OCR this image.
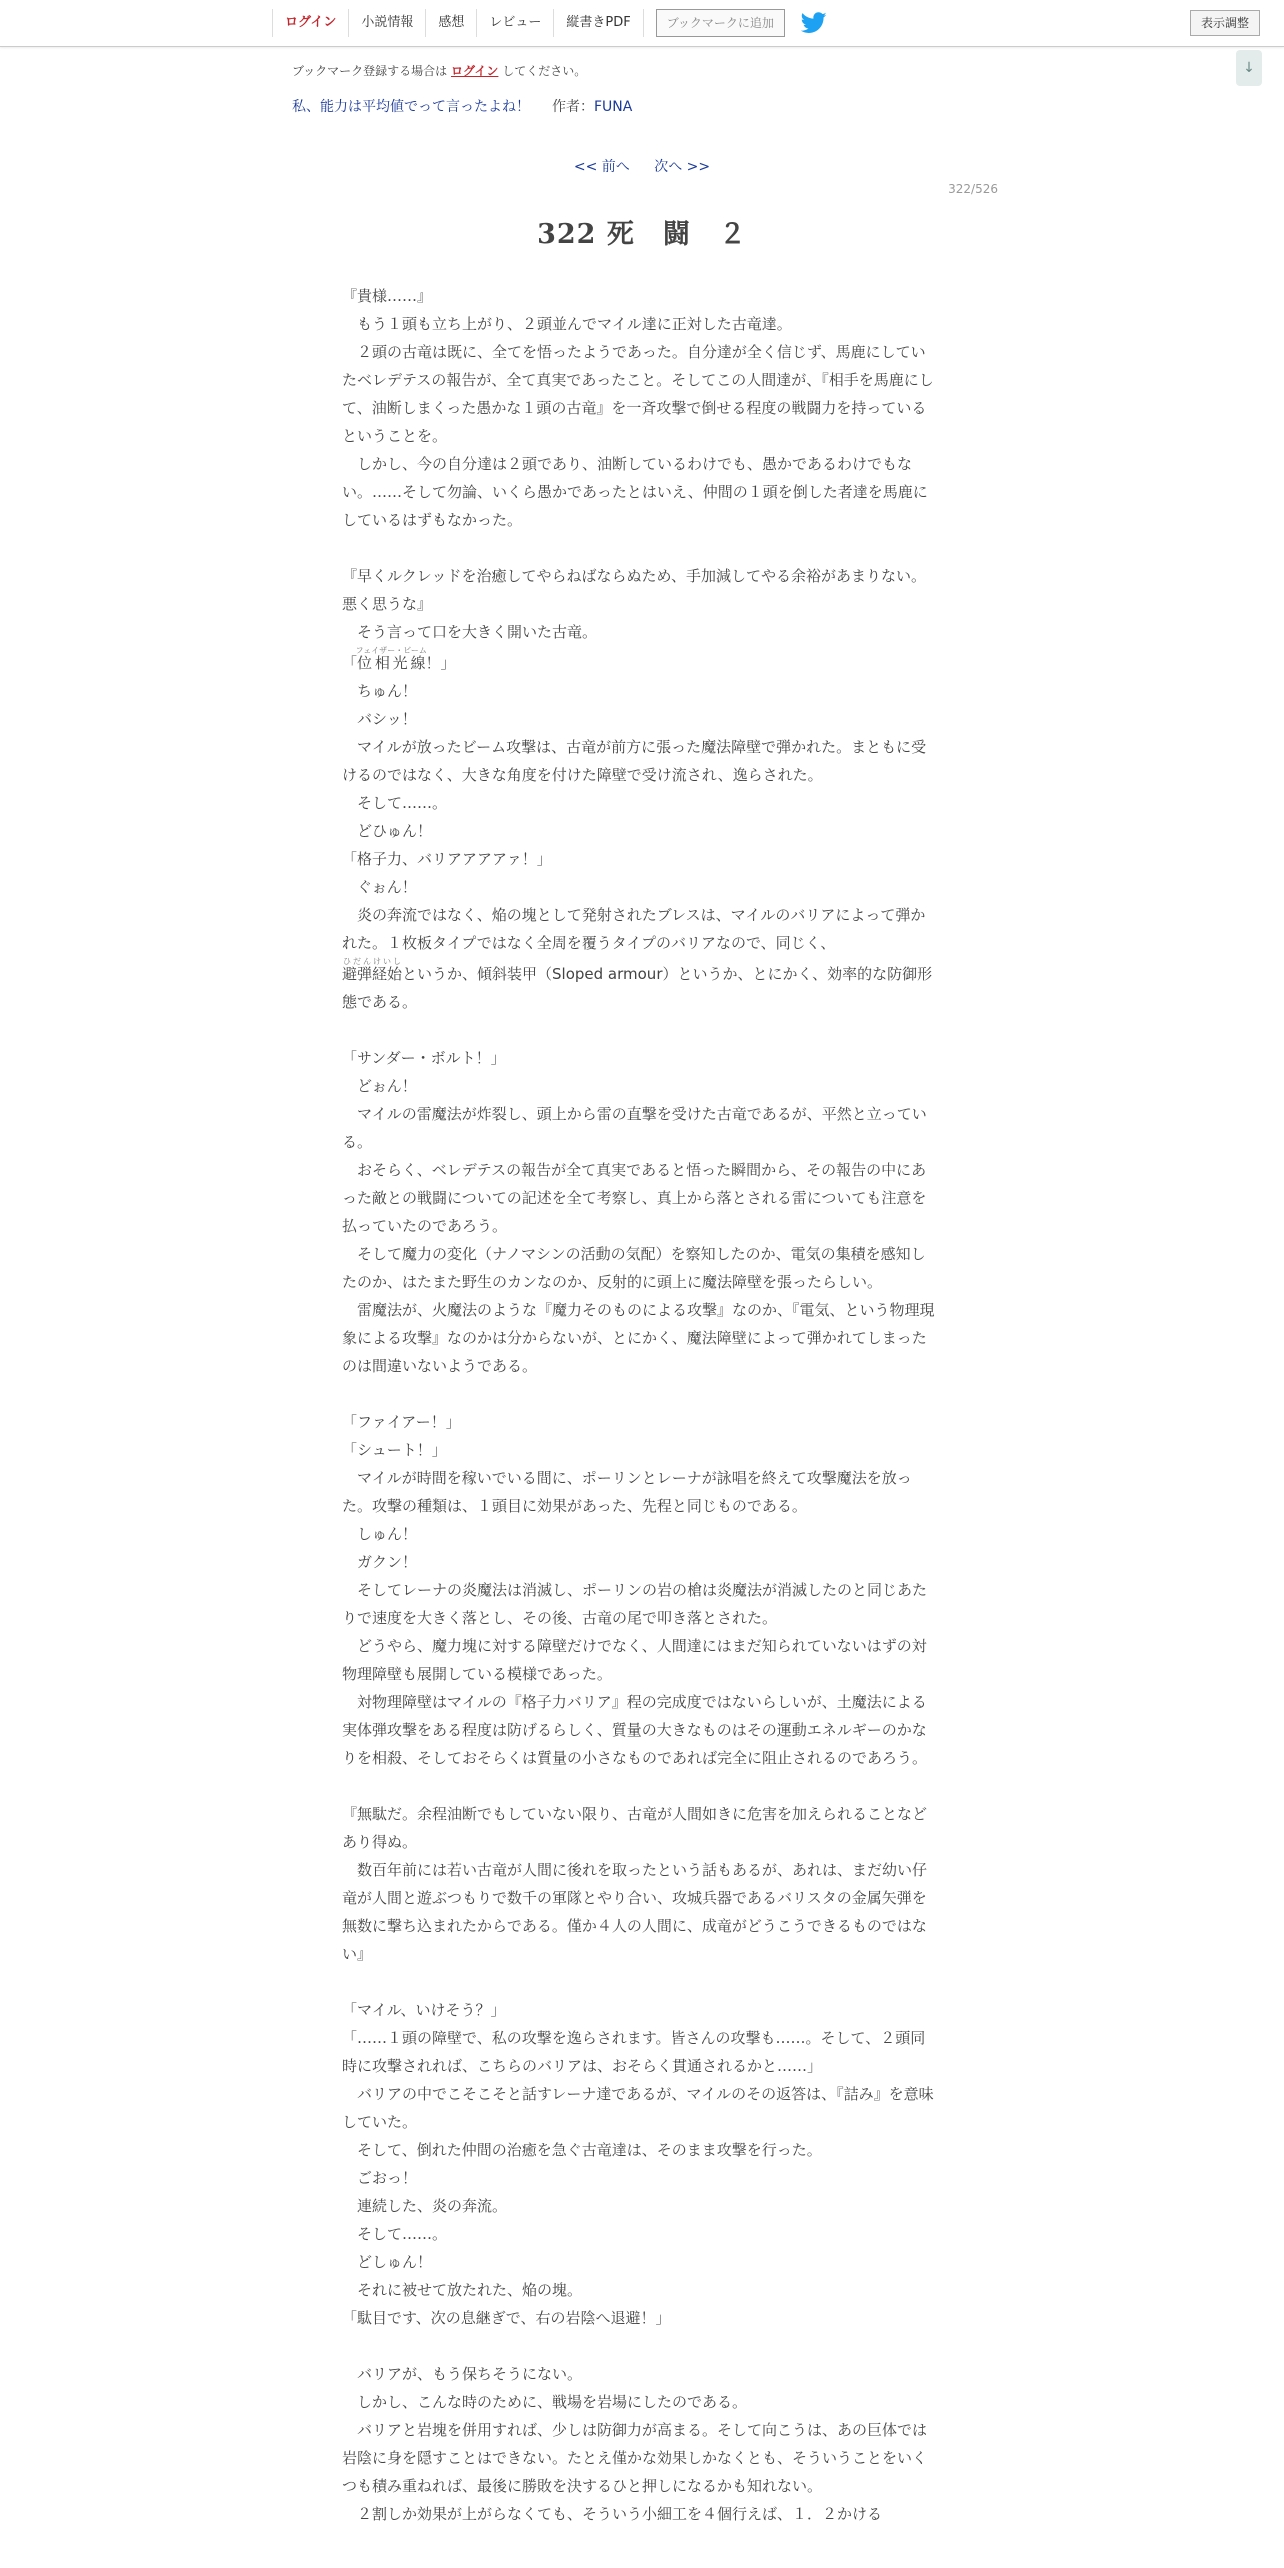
ログイン	小説情報	感想	レビュー	縦書きPDF	ブックマークに追加	表示調整
↓
ブックマーク登録する場合は ログイン してください。
私、能力は平均値でって言ったよね！ 作者：FUNA
<< 前へ 次へ >>
322/526
322 死　闘　２
『貴様……』
　もう１頭も立ち上がり、２頭並んでマイル達に正対した古竜達。
　２頭の古竜は既に、全てを悟ったようであった。自分達が全く信じず、馬鹿にしていたベレデテスの報告が、全て真実であったこと。そしてこの人間達が、『相手を馬鹿にして、油断しまくった愚かな１頭の古竜』を一斉攻撃で倒せる程度の戦闘力を持っているということを。
　しかし、今の自分達は２頭であり、油断しているわけでも、愚かであるわけでもない。……そして勿論、いくら愚かであったとはいえ、仲間の１頭を倒した者達を馬鹿にしているはずもなかった。
『早くルクレッドを治癒してやらねばならぬため、手加減してやる余裕があまりない。悪く思うな』
　そう言って口を大きく開いた古竜。
「位相光線フェイザー・ビーム！」
　ちゅん！
　バシッ！
　マイルが放ったビーム攻撃は、古竜が前方に張った魔法障壁で弾かれた。まともに受けるのではなく、大きな角度を付けた障壁で受け流され、逸らされた。
　そして……。
　どひゅん！
「格子力、バリアアアアァ！」
　ぐぉん！
　炎の奔流ではなく、焔の塊として発射されたブレスは、マイルのバリアによって弾かれた。１枚板タイプではなく全周を覆うタイプのバリアなので、同じく、
避弾経始ひだんけいしというか、傾斜装甲（Sloped armour）というか、とにかく、効率的な防御形態である。
「サンダー・ボルト！」
　どぉん！
　マイルの雷魔法が炸裂し、頭上から雷の直撃を受けた古竜であるが、平然と立っている。
　おそらく、ベレデテスの報告が全て真実であると悟った瞬間から、その報告の中にあった敵との戦闘についての記述を全て考察し、真上から落とされる雷についても注意を払っていたのであろう。
　そして魔力の変化（ナノマシンの活動の気配）を察知したのか、電気の集積を感知したのか、はたまた野生のカンなのか、反射的に頭上に魔法障壁を張ったらしい。
　雷魔法が、火魔法のような『魔力そのものによる攻撃』なのか、『電気、という物理現象による攻撃』なのかは分からないが、とにかく、魔法障壁によって弾かれてしまったのは間違いないようである。
「ファイアー！」
「シュート！」
　マイルが時間を稼いでいる間に、ポーリンとレーナが詠唱を終えて攻撃魔法を放った。攻撃の種類は、１頭目に効果があった、先程と同じものである。
　しゅん！
　ガクン！
　そしてレーナの炎魔法は消滅し、ポーリンの岩の槍は炎魔法が消滅したのと同じあたりで速度を大きく落とし、その後、古竜の尾で叩き落とされた。
　どうやら、魔力塊に対する障壁だけでなく、人間達にはまだ知られていないはずの対物理障壁も展開している模様であった。
　対物理障壁はマイルの『格子力バリア』程の完成度ではないらしいが、土魔法による実体弾攻撃をある程度は防げるらしく、質量の大きなものはその運動エネルギーのかなりを相殺、そしておそらくは質量の小さなものであれば完全に阻止されるのであろう。
『無駄だ。余程油断でもしていない限り、古竜が人間如きに危害を加えられることなどあり得ぬ。
　数百年前には若い古竜が人間に後れを取ったという話もあるが、あれは、まだ幼い仔竜が人間と遊ぶつもりで数千の軍隊とやり合い、攻城兵器であるバリスタの金属矢弾を無数に撃ち込まれたからである。僅か４人の人間に、成竜がどうこうできるものではない』
「マイル、いけそう？」
「……１頭の障壁で、私の攻撃を逸らされます。皆さんの攻撃も……。そして、２頭同時に攻撃されれば、こちらのバリアは、おそらく貫通されるかと……」
　バリアの中でこそこそと話すレーナ達であるが、マイルのその返答は、『詰み』を意味していた。
　そして、倒れた仲間の治癒を急ぐ古竜達は、そのまま攻撃を行った。
　ごおっ！
　連続した、炎の奔流。
　そして……。
　どしゅん！
　それに被せて放たれた、焔の塊。
「駄目です、次の息継ぎで、右の岩陰へ退避！」
　バリアが、もう保ちそうにない。
　しかし、こんな時のために、戦場を岩場にしたのである。
　バリアと岩塊を併用すれば、少しは防御力が高まる。そして向こうは、あの巨体では岩陰に身を隠すことはできない。たとえ僅かな効果しかなくとも、そういうことをいくつも積み重ねれば、最後に勝敗を決するひと押しになるかも知れない。
　２割しか効果が上がらなくても、そういう小細工を４個行えば、１．２かける
